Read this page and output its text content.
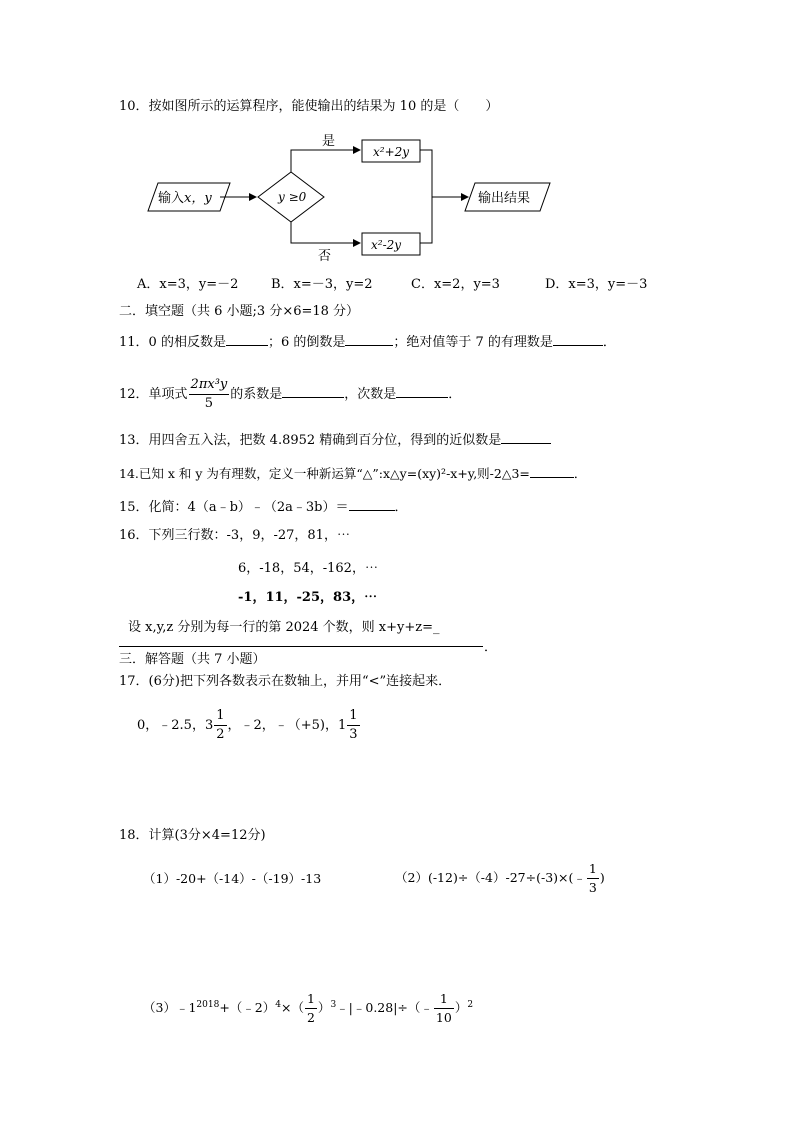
10．按如图所示的运算程序，能使输出的结果为 10 的是（　　）
输入x，y	y ≥0
是
x²+2y
否
x²-2y
输出结果
A．x=3，y=－2	B．x=－3，y=2	C．x=2，y=3	D．x=3，y=－3
二．填空题（共 6 小题;3 分×6=18 分）
11．0 的相反数是	；6 的倒数是	；绝对值等于 7 的有理数是	．
12．单项式 $\frac{\text{2πx³y}}{5}$ 的系数是	，次数是	．
13．用四舍五入法，把数 4.8952 精确到百分位，得到的近似数是
14.已知 x 和 y 为有理数，定义一种新运算“△”:x△y=(xy)²-x+y,则-2△3=	．
15．化简：4（a﹣b）﹣（2a﹣3b）＝	．
16．下列三行数：-3，9，-27，81，⋯
6，-18，54，-162，⋯
-1，11，-25，83，⋯
设 x,y,z 分别为每一行的第 2024 个数，则 x+y+z=_
．
三．解答题（共 7 小题）
17．(6分)把下列各数表示在数轴上，并用“<”连接起来．
0，﹣2.5，$3 \frac{1}{2}$ ，﹣2，﹣（+5)，$1 \frac{1}{3}$
18．计算(3分×4=12分)
（1）-20+（-14）-（-19）-13	（2）(-12)÷（-4）-27÷(-3)×(﹣ $\frac{1}{3}$ )
$(3)﹣1^{2018}+(﹣2)^4\times( \frac{1}{2}$ ）$^3$﹣|﹣0.28|÷（﹣ $\frac{1}{10} )^2$
